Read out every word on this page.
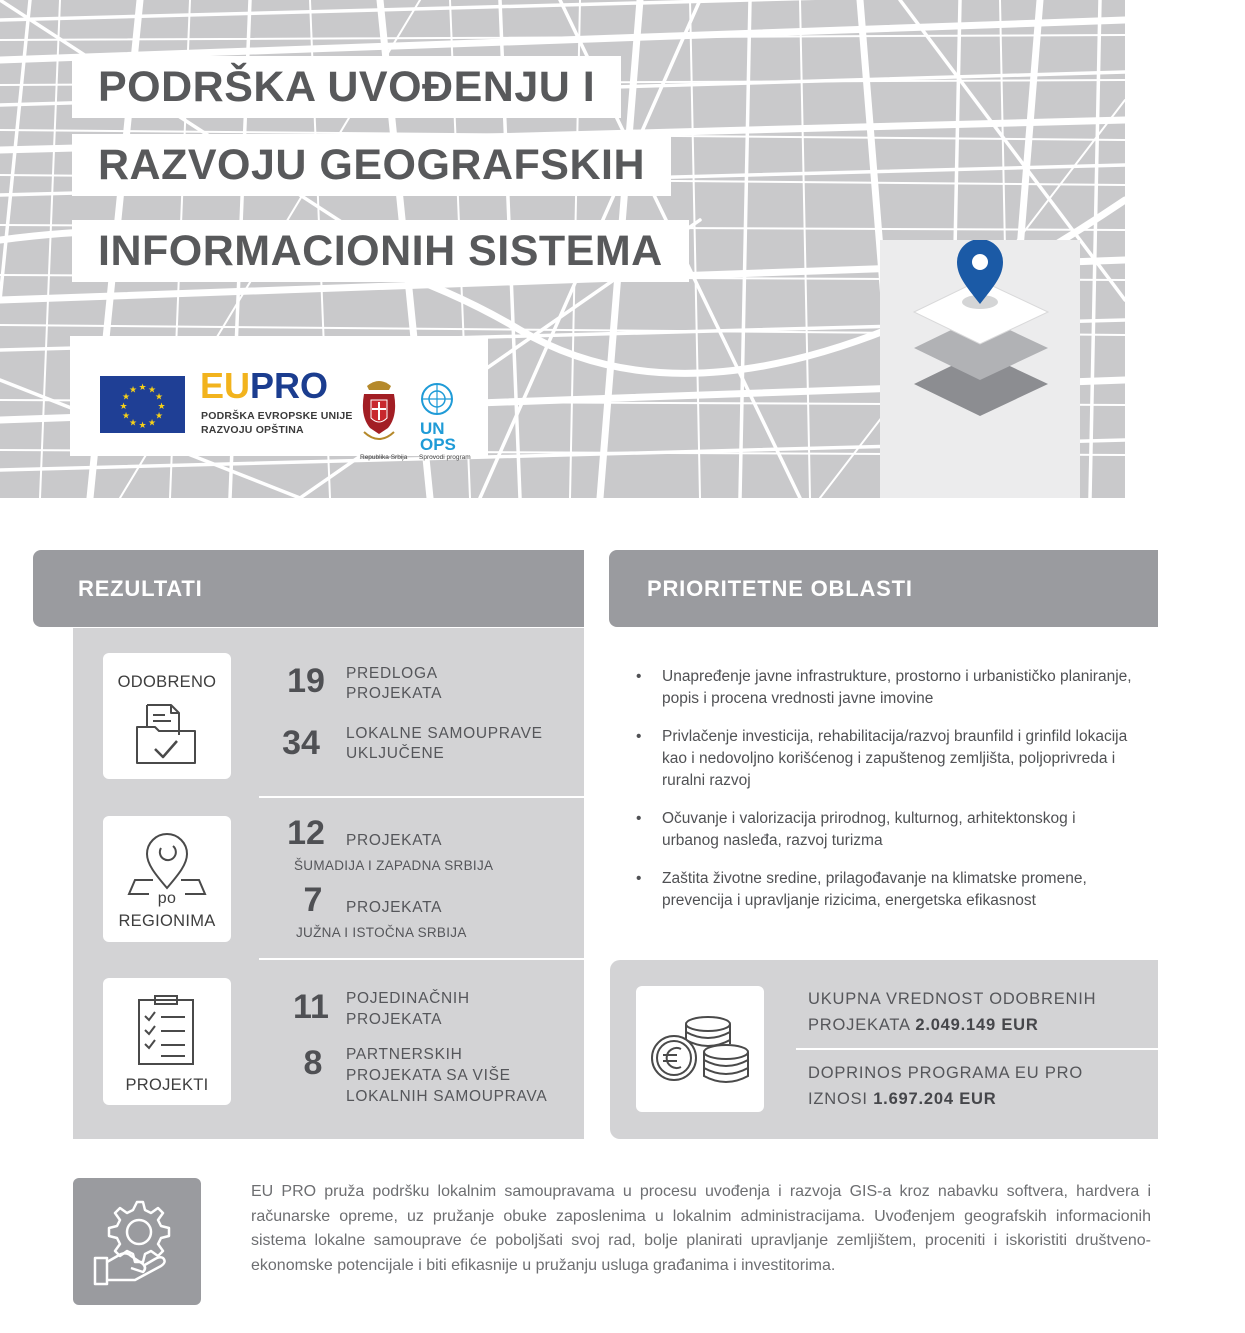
PODRŠKA UVOĐENJU I
RAZVOJU GEOGRAFSKIH
INFORMACIONIH SISTEMA
★ ★
★
★
★
★
★
★
★
★
★
★ EUPRO
PODRŠKA EVROPSKE UNIJE
RAZVOJU OPŠTINA
Republika Srbija
UN
OPS
Sprovodi program
REZULTATI
ODOBRENO	19	PREDLOGA
PROJEKATA
34	LOKALNE SAMOUPRAVE
UKLJUČENE
po
REGIONIMA
12	PROJEKATA
ŠUMADIJA I ZAPADNA SRBIJA
7	PROJEKATA
JUŽNA I ISTOČNA SRBIJA
PROJEKTI
11	POJEDINAČNIH
PROJEKATA
8	PARTNERSKIH
PROJEKATA SA VIŠE
LOKALNIH SAMOUPRAVA
PRIORITETNE OBLASTI
• Unapređenje javne infrastrukture, prostorno i urbanističko planiranje, popis i procena vrednosti javne imovine
• Privlačenje investicija, rehabilitacija/razvoj braunfild i grinfild lokacija kao i nedovoljno korišćenog i zapuštenog zemljišta, poljoprivreda i ruralni razvoj
• Očuvanje i valorizacija prirodnog, kulturnog, arhitektonskog i urbanog nasleđa, razvoj turizma
• Zaštita životne sredine, prilagođavanje na klimatske promene, prevencija i upravljanje rizicima, energetska efikasnost
UKUPNA VREDNOST ODOBRENIH
PROJEKATA 2.049.149 EUR
DOPRINOS PROGRAMA EU PRO
IZNOSI 1.697.204 EUR
EU PRO pruža podršku lokalnim samoupravama u procesu uvođenja i razvoja GIS-a kroz nabavku softvera, hardvera i računarske opreme, uz pružanje obuke zaposlenima u lokalnim administracijama. Uvođenjem geografskih informacionih sistema lokalne samouprave će poboljšati svoj rad, bolje planirati upravljanje zemljištem, proceniti i iskoristiti društveno-ekonomske potencijale i biti efikasnije u pružanju usluga građanima i investitorima.
